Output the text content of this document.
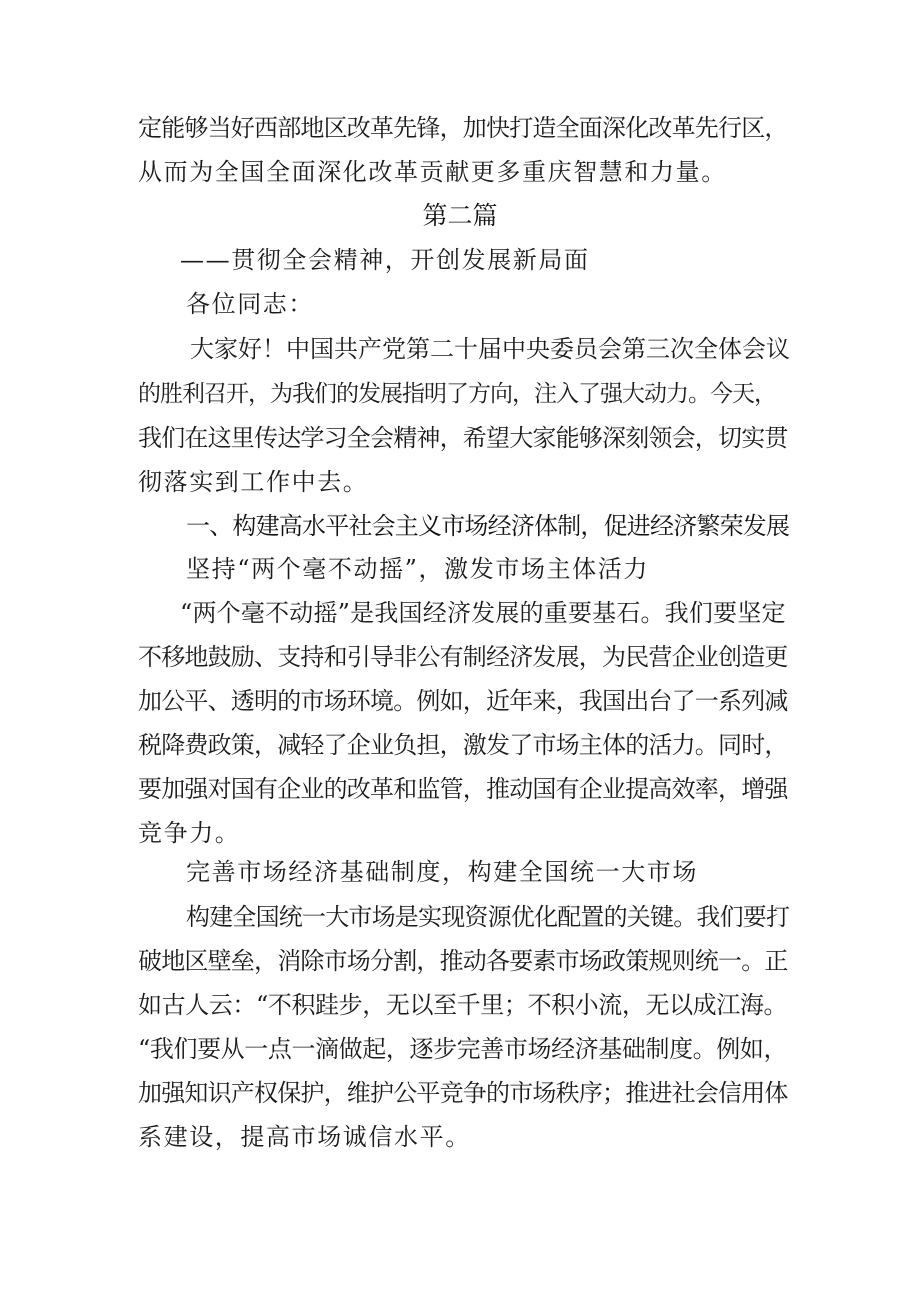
定能够当好西部地区改革先锋，加快打造全面深化改革先行区，
从而为全国全面深化改革贡献更多重庆智慧和力量。
第二篇
——贯彻全会精神，开创发展新局面
各位同志：
大家好！中国共产党第二十届中央委员会第三次全体会议
的胜利召开，为我们的发展指明了方向，注入了强大动力。今天，
我们在这里传达学习全会精神，希望大家能够深刻领会，切实贯
彻落实到工作中去。
一、构建高水平社会主义市场经济体制，促进经济繁荣发展
坚持“两个毫不动摇”，激发市场主体活力
“两个毫不动摇”是我国经济发展的重要基石。我们要坚定
不移地鼓励、支持和引导非公有制经济发展，为民营企业创造更
加公平、透明的市场环境。例如，近年来，我国出台了一系列减
税降费政策，减轻了企业负担，激发了市场主体的活力。同时，
要加强对国有企业的改革和监管，推动国有企业提高效率，增强
竞争力。
完善市场经济基础制度，构建全国统一大市场
构建全国统一大市场是实现资源优化配置的关键。我们要打
破地区壁垒，消除市场分割，推动各要素市场政策规则统一。正
如古人云：“不积跬步，无以至千里；不积小流，无以成江海。
“我们要从一点一滴做起，逐步完善市场经济基础制度。例如，
加强知识产权保护，维护公平竞争的市场秩序；推进社会信用体
系建设，提高市场诚信水平。
